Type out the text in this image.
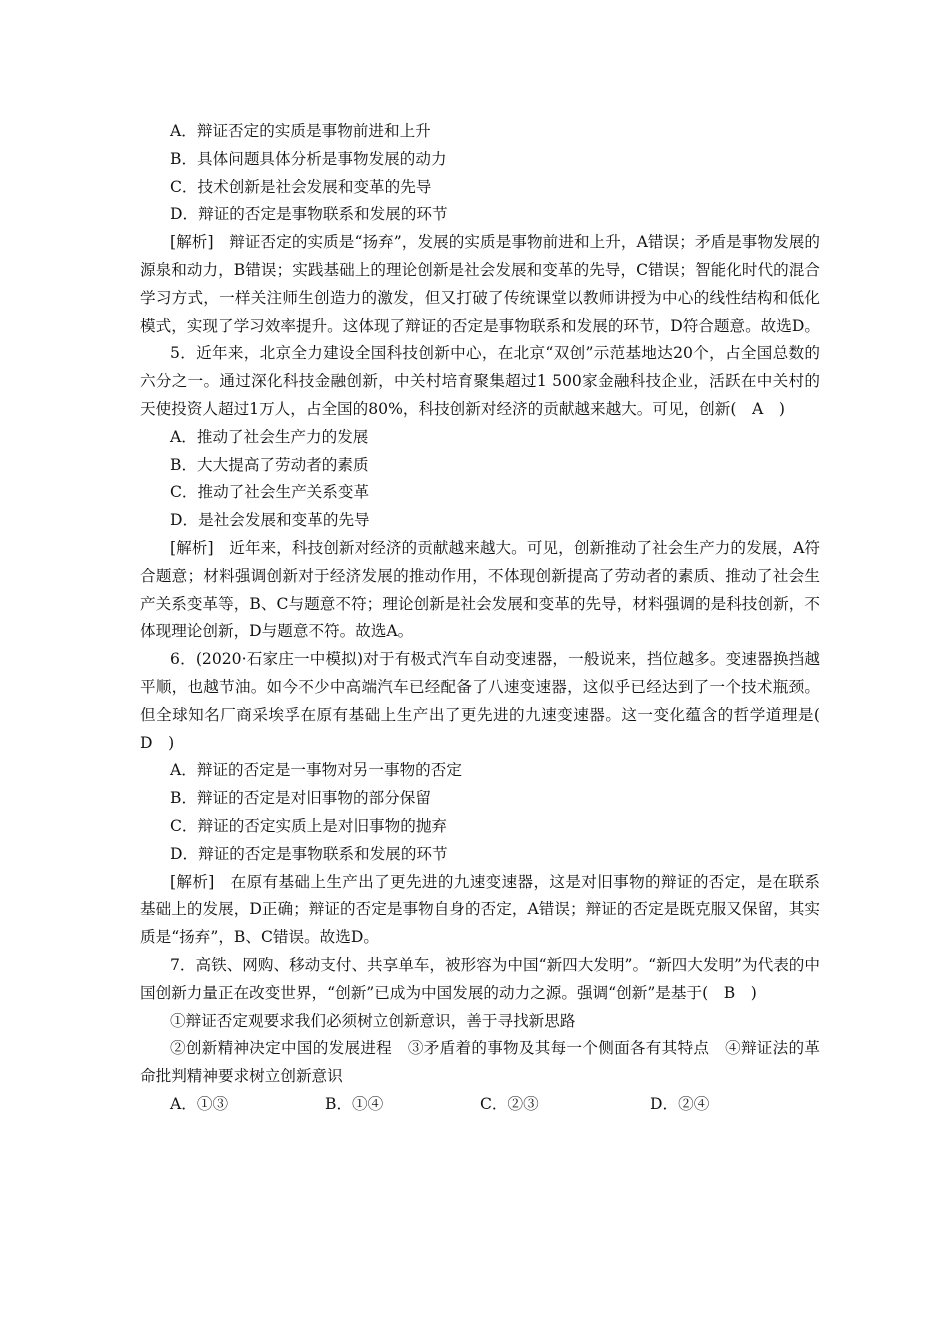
A．辩证否定的实质是事物前进和上升
B．具体问题具体分析是事物发展的动力
C．技术创新是社会发展和变革的先导
D．辩证的否定是事物联系和发展的环节
[解析]　辩证否定的实质是“扬弃”，发展的实质是事物前进和上升，A错误；矛盾是事物发展的源泉和动力，B错误；实践基础上的理论创新是社会发展和变革的先导，C错误；智能化时代的混合学习方式，一样关注师生创造力的激发，但又打破了传统课堂以教师讲授为中心的线性结构和低化模式，实现了学习效率提升。这体现了辩证的否定是事物联系和发展的环节，D符合题意。故选D。
5．近年来，北京全力建设全国科技创新中心，在北京“双创”示范基地达20个，占全国总数的六分之一。通过深化科技金融创新，中关村培育聚集超过1 500家金融科技企业，活跃在中关村的天使投资人超过1万人，占全国的80%，科技创新对经济的贡献越来越大。可见，创新(　A　)
A．推动了社会生产力的发展
B．大大提高了劳动者的素质
C．推动了社会生产关系变革
D．是社会发展和变革的先导
[解析]　近年来，科技创新对经济的贡献越来越大。可见，创新推动了社会生产力的发展，A符合题意；材料强调创新对于经济发展的推动作用，不体现创新提高了劳动者的素质、推动了社会生产关系变革等，B、C与题意不符；理论创新是社会发展和变革的先导，材料强调的是科技创新，不体现理论创新，D与题意不符。故选A。
6．(2020·石家庄一中模拟)对于有极式汽车自动变速器，一般说来，挡位越多。变速器换挡越平顺，也越节油。如今不少中高端汽车已经配备了八速变速器，这似乎已经达到了一个技术瓶颈。但全球知名厂商采埃孚在原有基础上生产出了更先进的九速变速器。这一变化蕴含的哲学道理是(　D　)
A．辩证的否定是一事物对另一事物的否定
B．辩证的否定是对旧事物的部分保留
C．辩证的否定实质上是对旧事物的抛弃
D．辩证的否定是事物联系和发展的环节
[解析]　在原有基础上生产出了更先进的九速变速器，这是对旧事物的辩证的否定，是在联系基础上的发展，D正确；辩证的否定是事物自身的否定，A错误；辩证的否定是既克服又保留，其实质是“扬弃”，B、C错误。故选D。
7．高铁、网购、移动支付、共享单车，被形容为中国“新四大发明”。“新四大发明”为代表的中国创新力量正在改变世界，“创新”已成为中国发展的动力之源。强调“创新”是基于(　B　)
①辩证否定观要求我们必须树立创新意识，善于寻找新思路
②创新精神决定中国的发展进程　③矛盾着的事物及其每一个侧面各有其特点　④辩证法的革命批判精神要求树立创新意识
A．①③	B．①④	C．②③	D．②④
